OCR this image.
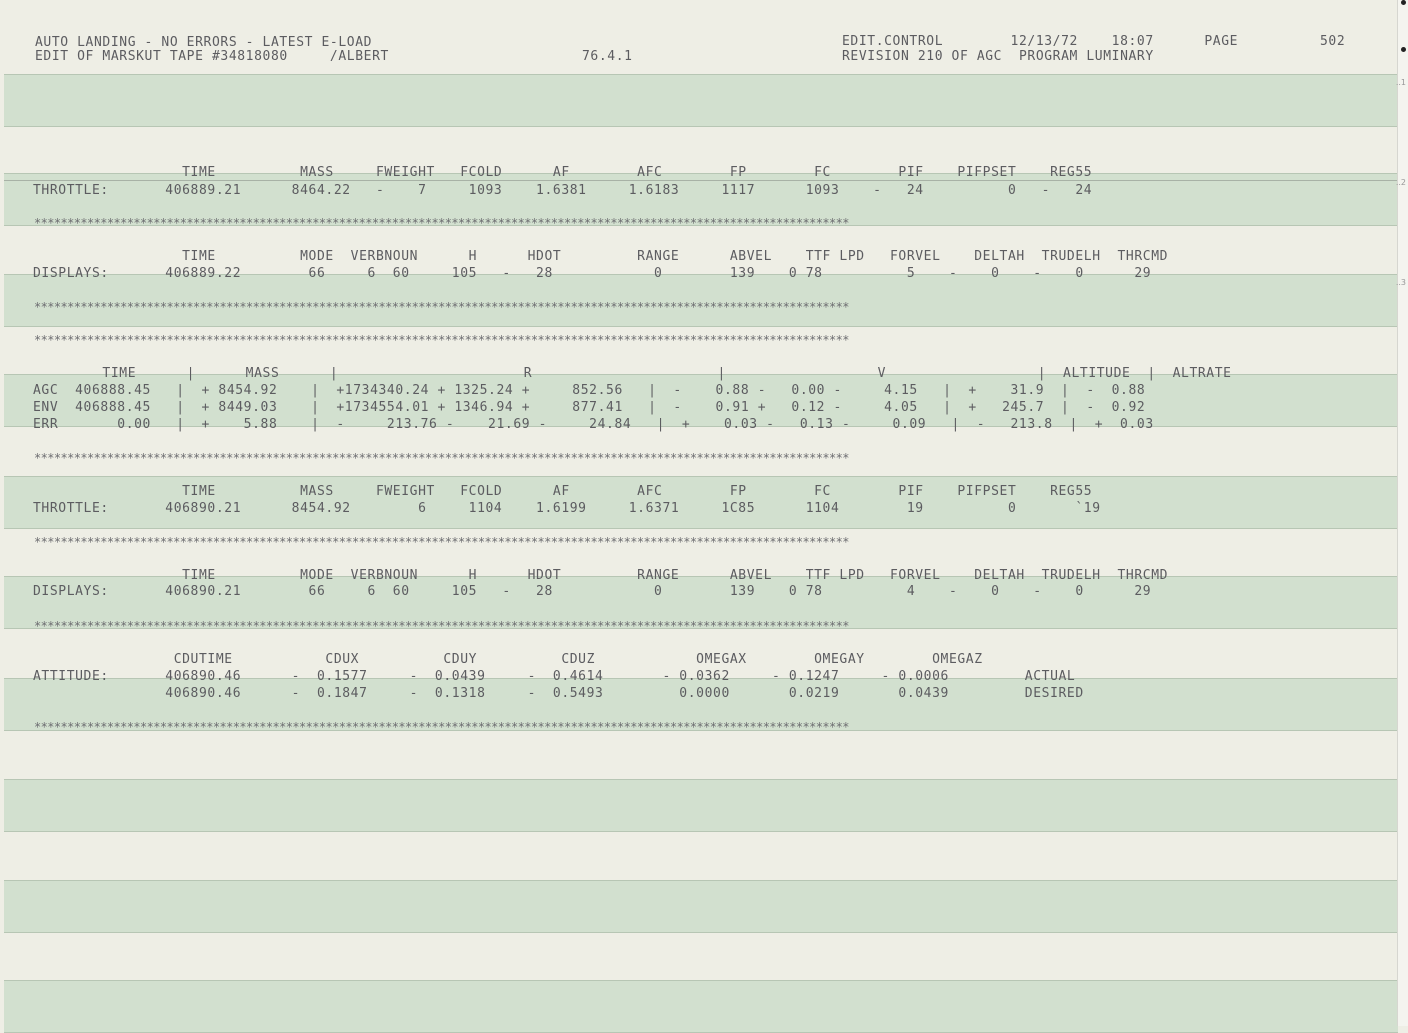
AUTO LANDING - NO ERRORS - LATEST E-LOAD
EDIT OF MARSKUT TAPE #34818080     /ALBERT	76.4.1
EDIT.CONTROL        12/13/72    18:07      PAGE	502
REVISION 210 OF AGC  PROGRAM LUMINARY
TIME          MASS     FWEIGHT   FCOLD      AF        AFC        FP        FC        PIF    PIFPSET    REG55
THROTTLE: 406889.21      8464.22   -    7     1093    1.6381     1.6183     1117      1093    -   24          0   -   24
***************************************************************************************************************************
TIME          MODE  VERBNOUN      H      HDOT         RANGE      ABVEL    TTF LPD   FORVEL    DELTAH  TRUDELH  THRCMD
DISPLAYS: 406889.22        66     6  60     105   -   28            0        139    0 78          5    -    0    -    0      29
***************************************************************************************************************************
***************************************************************************************************************************
TIME      |      MASS      |                      R                      |                  V                  |  ALTITUDE  |  ALTRATE
AGC  406888.45   |  + 8454.92    |  +1734340.24 + 1325.24 +     852.56   |  -    0.88 -   0.00 -     4.15   |  +    31.9  |  -  0.88
ENV  406888.45   |  + 8449.03    |  +1734554.01 + 1346.94 +     877.41   |  -    0.91 +   0.12 -     4.05   |  +   245.7  |  -  0.92
ERR       0.00   |  +    5.88    |  -     213.76 -    21.69 -     24.84   |  +    0.03 -   0.13 -     0.09   |  -   213.8  |  +  0.03
***************************************************************************************************************************
TIME          MASS     FWEIGHT   FCOLD      AF        AFC        FP        FC        PIF    PIFPSET    REG55
THROTTLE: 406890.21      8454.92        6     1104    1.6199     1.6371     1C85      1104        19          0       `19
***************************************************************************************************************************
TIME          MODE  VERBNOUN      H      HDOT         RANGE      ABVEL    TTF LPD   FORVEL    DELTAH  TRUDELH  THRCMD
DISPLAYS: 406890.21        66     6  60     105   -   28            0        139    0 78          4    -    0    -    0      29
***************************************************************************************************************************
CDUTIME           CDUX          CDUY          CDUZ            OMEGAX        OMEGAY        OMEGAZ
ATTITUDE: 406890.46      -  0.1577     -  0.0439     -  0.4614       - 0.0362     - 0.1247     - 0.0006         ACTUAL
406890.46      -  0.1847     -  0.1318     -  0.5493         0.0000       0.0219       0.0439         DESIRED
***************************************************************************************************************************
..1
..2
..3
